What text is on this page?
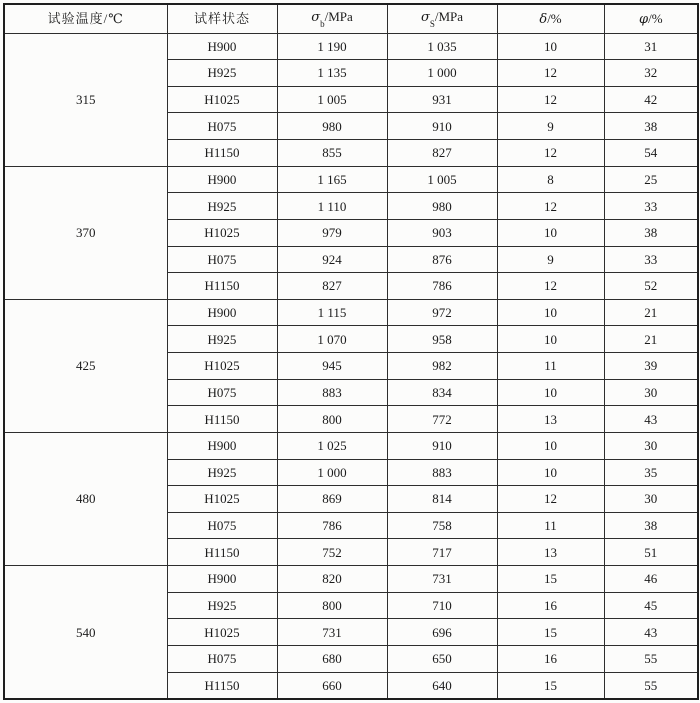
试验温度/℃	试样状态	$\sigma_b$/MPa	$\sigma_S$/MPa	δ/%	φ/%
315	H900	1 190	1 035	10	31
	H925	1 135	1 000	12	32
	H1025	1 005	931	12	42
	H075	980	910	9	38
	H1150	855	827	12	54
370	H900	1 165	1 005	8	25
	H925	1 110	980	12	33
	H1025	979	903	10	38
	H075	924	876	9	33
	H1150	827	786	12	52
425	H900	1 115	972	10	21
	H925	1 070	958	10	21
	H1025	945	982	11	39
	H075	883	834	10	30
	H1150	800	772	13	43
480	H900	1 025	910	10	30
	H925	1 000	883	10	35
	H1025	869	814	12	30
	H075	786	758	11	38
	H1150	752	717	13	51
540	H900	820	731	15	46
	H925	800	710	16	45
	H1025	731	696	15	43
	H075	680	650	16	55
	H1150	660	640	15	55
